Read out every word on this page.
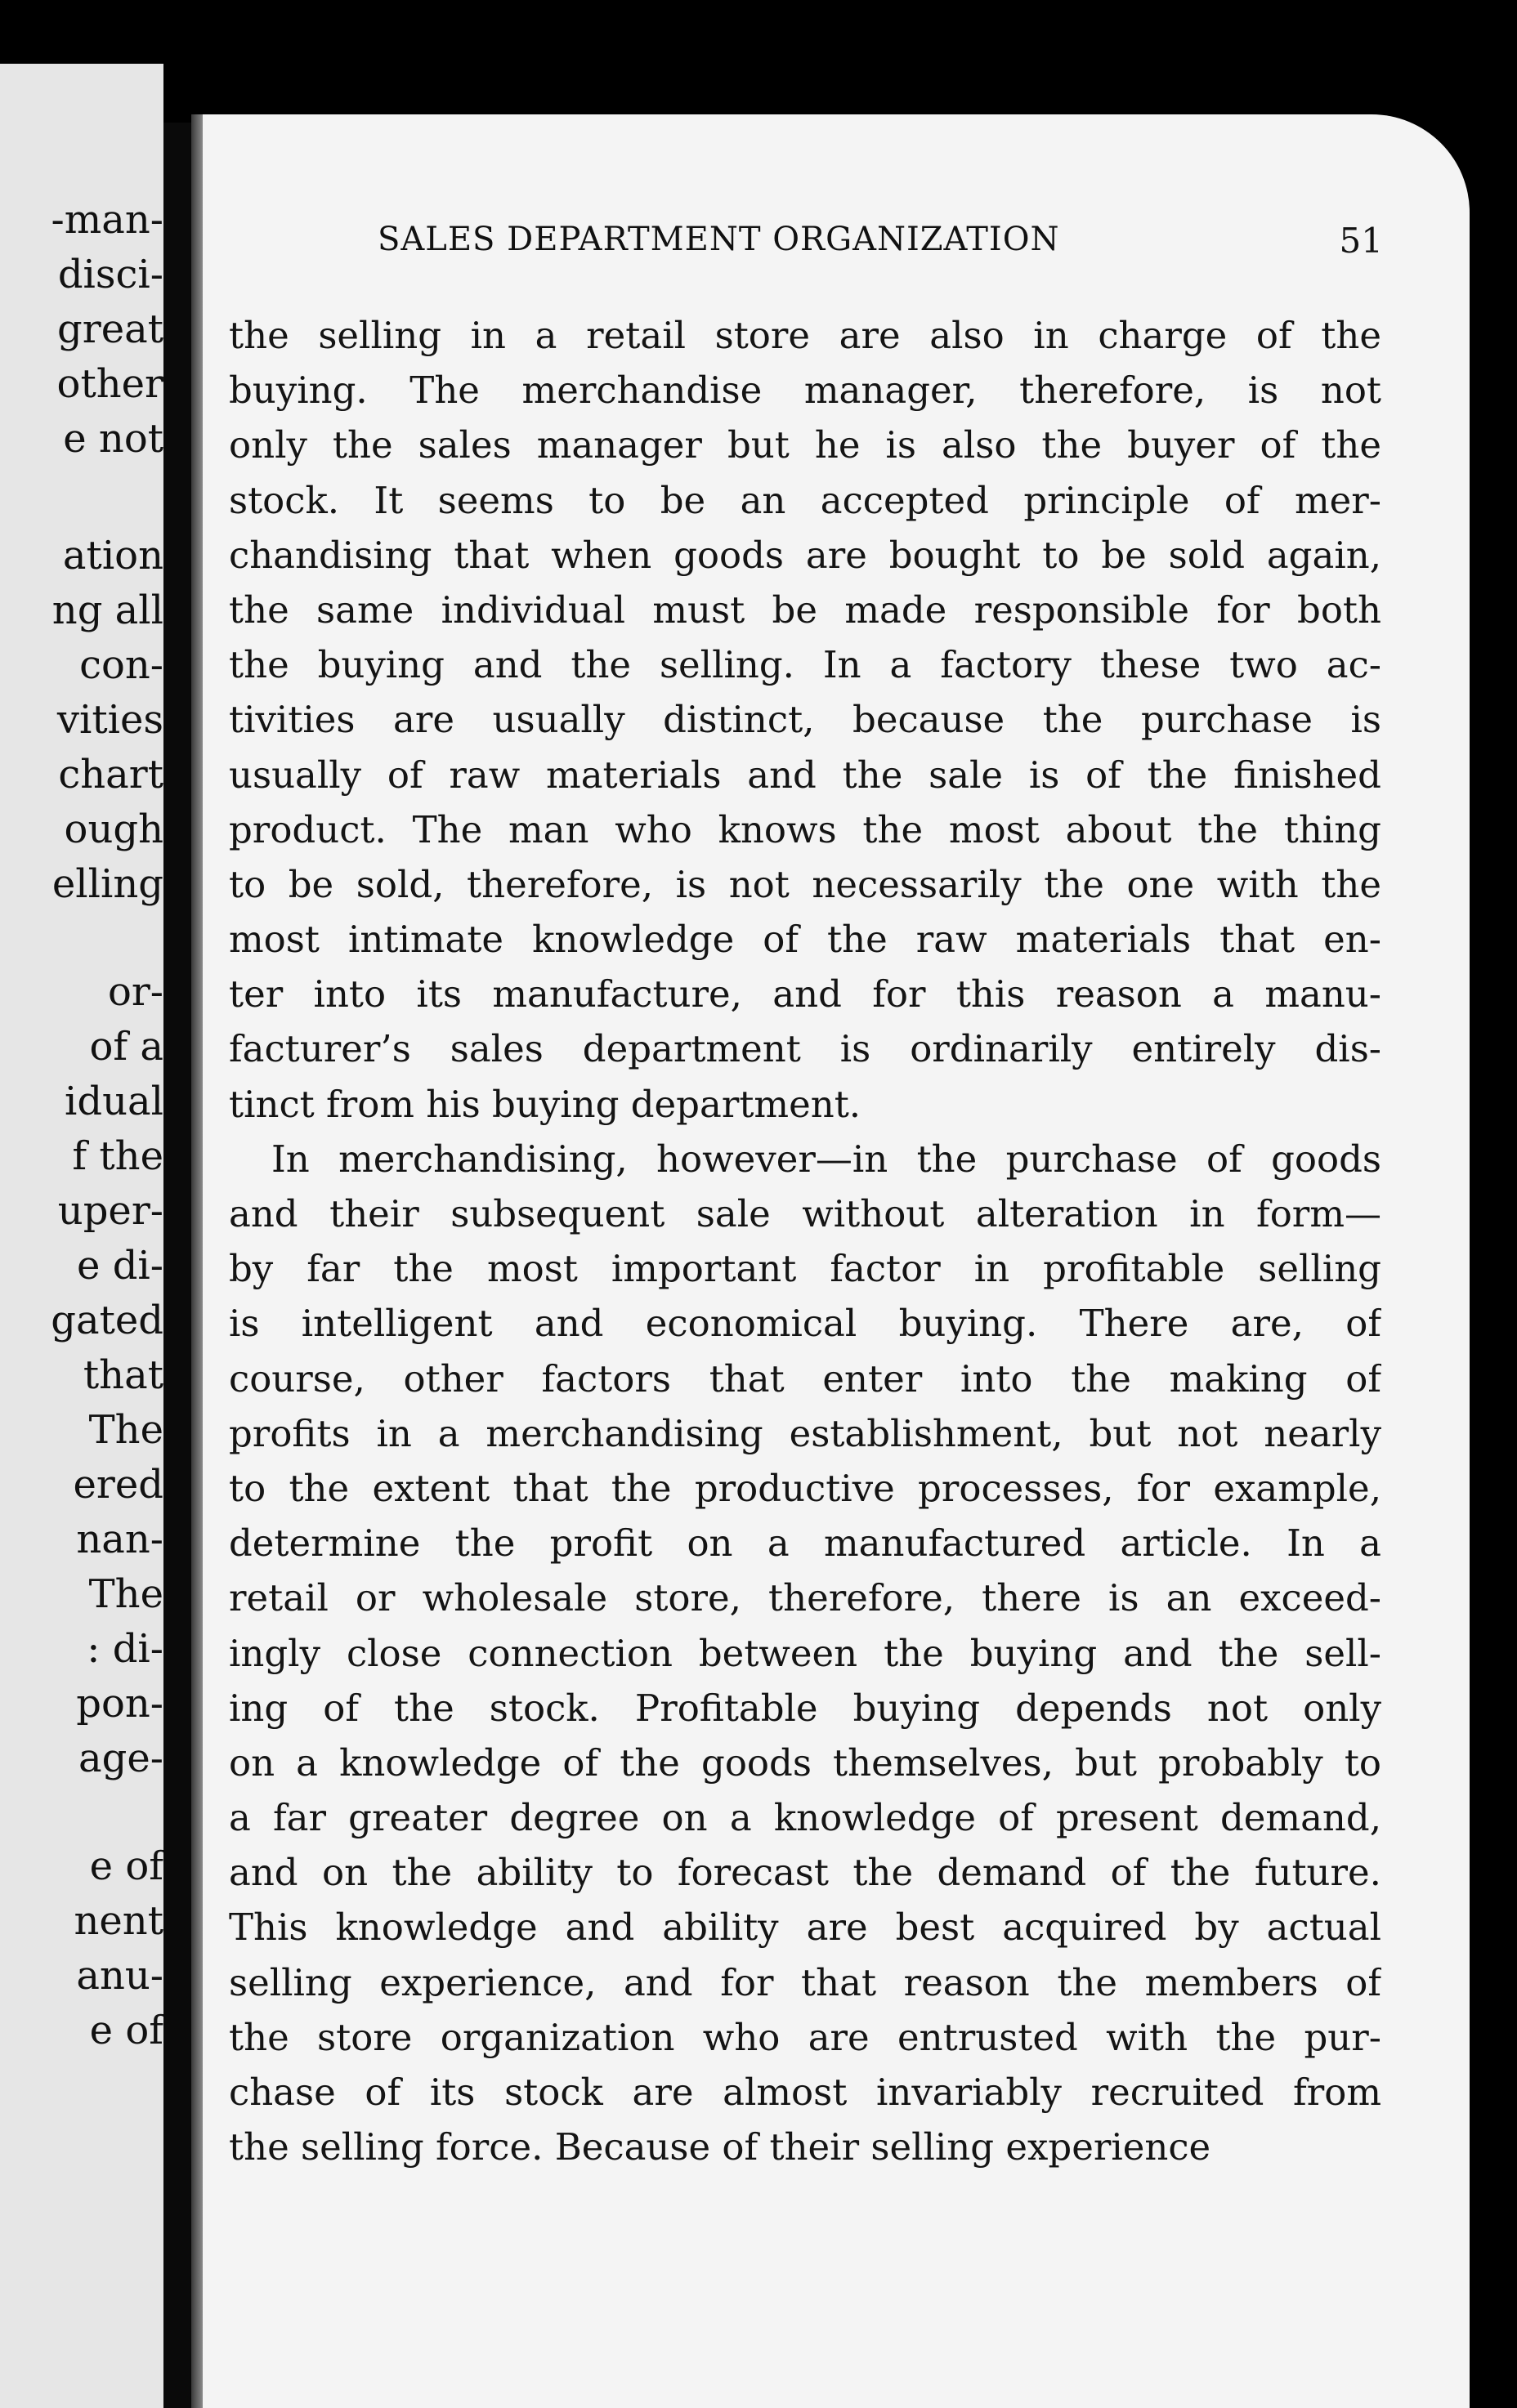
-man-
disci-
great
other
e not
ation
ng all
con-
vities
chart
ough
elling
or-
of a
idual
f the
uper-
e di-
gated
that
The
ered
nan-
The
: di-
pon-
age-
e of
nent
anu-
e of
SALES DEPARTMENT ORGANIZATION	51
the selling in a retail store are also in charge of the
buying. The merchandise manager, therefore, is not
only the sales manager but he is also the buyer of the
stock. It seems to be an accepted principle of mer-
chandising that when goods are bought to be sold again,
the same individual must be made responsible for both
the buying and the selling. In a factory these two ac-
tivities are usually distinct, because the purchase is
usually of raw materials and the sale is of the finished
product. The man who knows the most about the thing
to be sold, therefore, is not necessarily the one with the
most intimate knowledge of the raw materials that en-
ter into its manufacture, and for this reason a manu-
facturer’s sales department is ordinarily entirely dis-
tinct from his buying department.
In merchandising, however—in the purchase of goods
and their subsequent sale without alteration in form—
by far the most important factor in profitable selling
is intelligent and economical buying. There are, of
course, other factors that enter into the making of
profits in a merchandising establishment, but not nearly
to the extent that the productive processes, for example,
determine the profit on a manufactured article. In a
retail or wholesale store, therefore, there is an exceed-
ingly close connection between the buying and the sell-
ing of the stock. Profitable buying depends not only
on a knowledge of the goods themselves, but probably to
a far greater degree on a knowledge of present demand,
and on the ability to forecast the demand of the future.
This knowledge and ability are best acquired by actual
selling experience, and for that reason the members of
the store organization who are entrusted with the pur-
chase of its stock are almost invariably recruited from
the selling force. Because of their selling experience
